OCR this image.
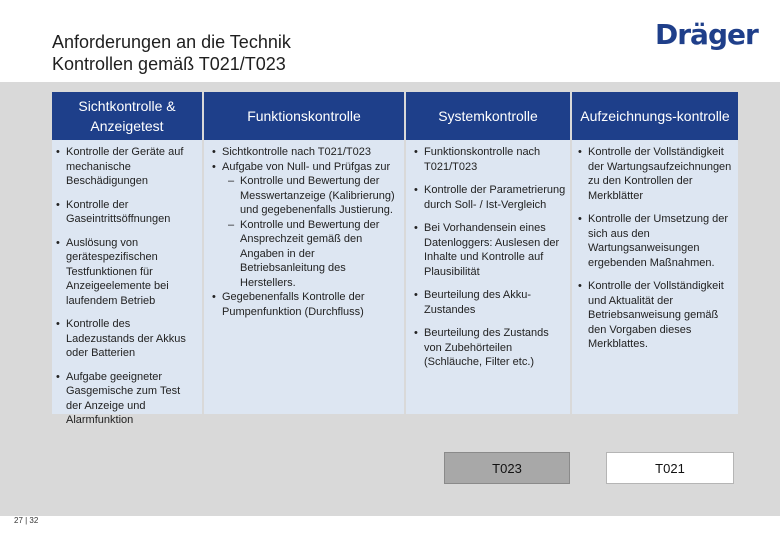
Anforderungen an die Technik
Kontrollen gemäß T021/T023
Dräger
Sichtkontrolle & Anzeigetest
• Kontrolle der Geräte auf mechanische Beschädigungen
• Kontrolle der Gaseintrittsöffnungen
• Auslösung von gerätespezifischen Testfunktionen für Anzeigeelemente bei laufendem Betrieb
• Kontrolle des Ladezustands der Akkus oder Batterien
• Aufgabe geeigneter Gasgemische zum Test der Anzeige und Alarmfunktion
Funktionskontrolle
• Sichtkontrolle nach T021/T023
• Aufgabe von Null- und Prüfgas zur
– Kontrolle und Bewertung der Messwertanzeige (Kalibrierung) und gegebenenfalls Justierung.
– Kontrolle und Bewertung der Ansprechzeit gemäß den Angaben in der Betriebsanleitung des Herstellers.
• Gegebenenfalls Kontrolle der Pumpenfunktion (Durchfluss)
Systemkontrolle
• Funktionskontrolle nach T021/T023
• Kontrolle der Parametrierung durch Soll- / Ist-Vergleich
• Bei Vorhandensein eines Datenloggers: Auslesen der Inhalte und Kontrolle auf Plausibilität
• Beurteilung des Akku-Zustandes
• Beurteilung des Zustands von Zubehörteilen (Schläuche, Filter etc.)
Aufzeichnungs-kontrolle
• Kontrolle der Vollständigkeit der Wartungsaufzeichnungen zu den Kontrollen der Merkblätter
• Kontrolle der Umsetzung der sich aus den Wartungsanweisungen ergebenden Maßnahmen.
• Kontrolle der Vollständigkeit und Aktualität der Betriebsanweisung gemäß den Vorgaben dieses Merkblattes.
T023	T021
27 | 32
